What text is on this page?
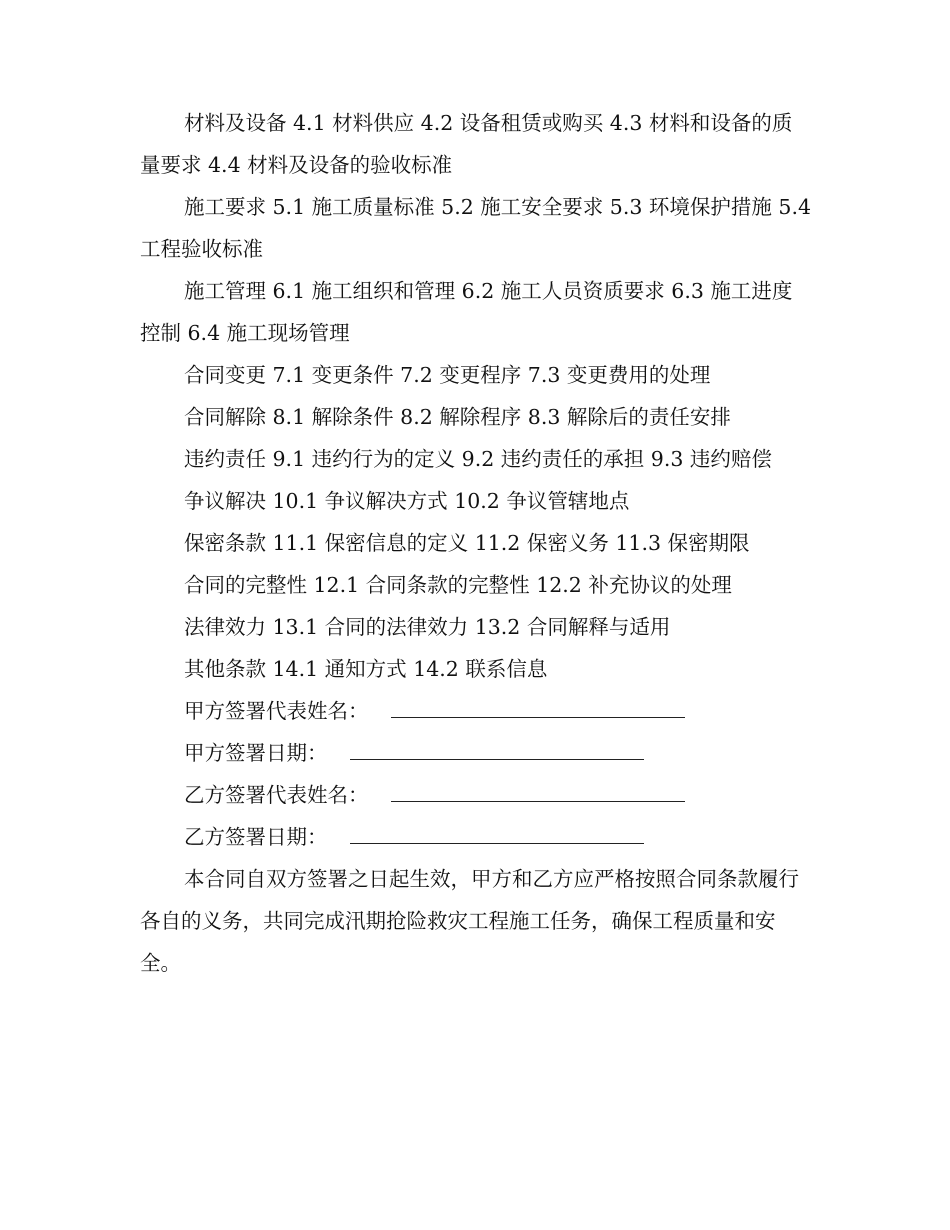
材料及设备 4.1 材料供应 4.2 设备租赁或购买 4.3 材料和设备的质量要求 4.4 材料及设备的验收标准

施工要求 5.1 施工质量标准 5.2 施工安全要求 5.3 环境保护措施 5.4 工程验收标准

施工管理 6.1 施工组织和管理 6.2 施工人员资质要求 6.3 施工进度控制 6.4 施工现场管理

合同变更 7.1 变更条件 7.2 变更程序 7.3 变更费用的处理

合同解除 8.1 解除条件 8.2 解除程序 8.3 解除后的责任安排

违约责任 9.1 违约行为的定义 9.2 违约责任的承担 9.3 违约赔偿

争议解决 10.1 争议解决方式 10.2 争议管辖地点

保密条款 11.1 保密信息的定义 11.2 保密义务 11.3 保密期限

合同的完整性 12.1 合同条款的完整性 12.2 补充协议的处理

法律效力 13.1 合同的法律效力 13.2 合同解释与适用

其他条款 14.1 通知方式 14.2 联系信息

甲方签署代表姓名：
甲方签署日期：
乙方签署代表姓名：
乙方签署日期：

本合同自双方签署之日起生效，甲方和乙方应严格按照合同条款履行各自的义务，共同完成汛期抢险救灾工程施工任务，确保工程质量和安全。
